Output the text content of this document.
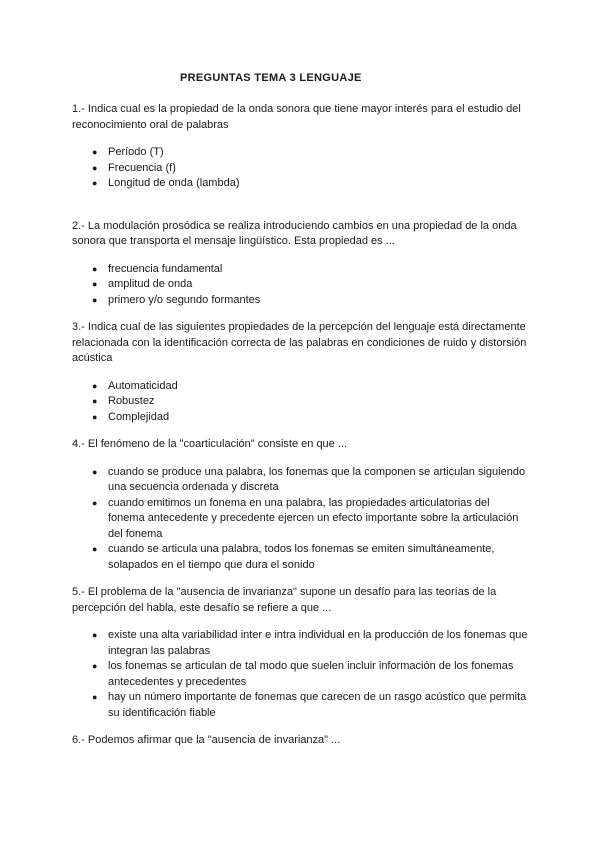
PREGUNTAS TEMA 3 LENGUAJE

1.- Indica cual es la propiedad de la onda sonora que tiene mayor interés para el estudio del reconocimiento oral de palabras

● Período (T)
● Frecuencia (f)
● Longitud de onda (lambda)

2.- La modulación prosódica se realiza introduciendo cambios en una propiedad de la onda sonora que transporta el mensaje lingüístico. Esta propiedad es ...

● frecuencia fundamental
● amplitud de onda
● primero y/o segundo formantes

3.- Indica cual de las siguientes propiedades de la percepción del lenguaje está directamente relacionada con la identificación correcta de las palabras en condiciones de ruido y distorsión acústica

● Automaticidad
● Robustez
● Complejidad

4.- El fenómeno de la "coarticulación" consiste en que ...

● cuando se produce una palabra, los fonemas que la componen se articulan siguiendo una secuencia ordenada y discreta
● cuando emitimos un fonema en una palabra, las propiedades articulatorias del fonema antecedente y precedente ejercen un efecto importante sobre la articulación del fonema
● cuando se articula una palabra, todos los fonemas se emiten simultáneamente, solapados en el tiempo que dura el sonido

5.- El problema de la "ausencia de invarianza" supone un desafío para las teorías de la percepción del habla, este desafío se refiere a que ...

● existe una alta variabilidad inter e intra individual en la producción de los fonemas que integran las palabras
● los fonemas se articulan de tal modo que suelen incluir información de los fonemas antecedentes y precedentes
● hay un número importante de fonemas que carecen de un rasgo acústico que permita su identificación fiable

6.- Podemos afirmar que la "ausencia de invarianza" ...
